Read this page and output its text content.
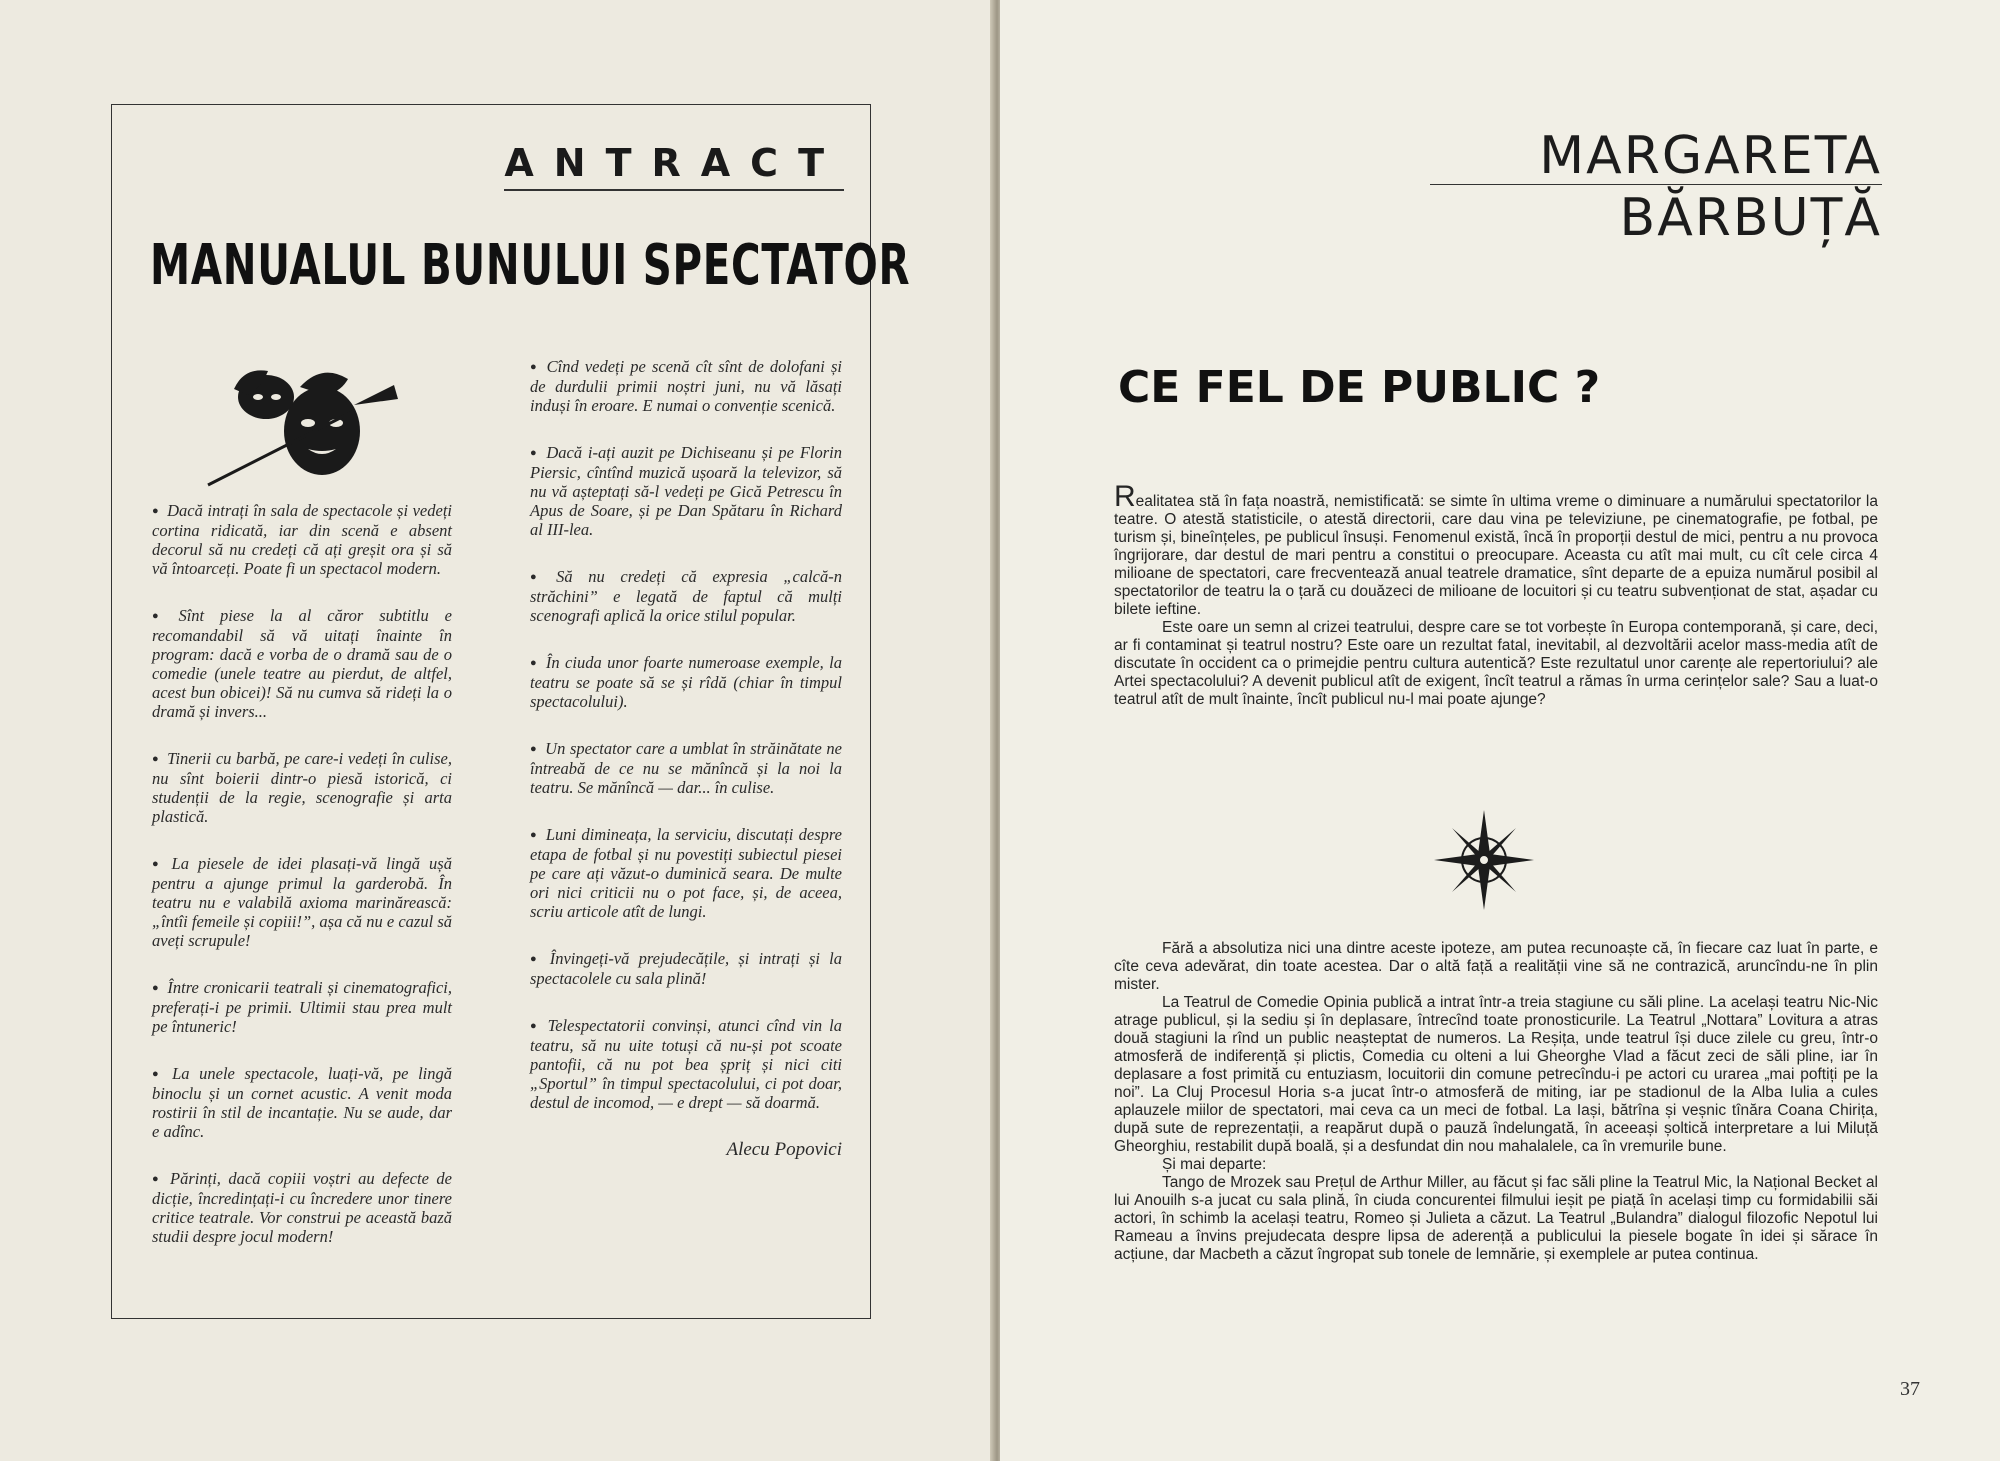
ANTRACT
MANUALUL BUNULUI SPECTATOR

● Dacă intrați în sala de spectacole și vedeți cortina ridicată, iar din scenă e absent decorul să nu credeți că ați greșit ora și să vă întoarceți. Poate fi un spectacol modern.

● Sînt piese la al căror subtitlu e recomandabil să vă uitați înainte în program: dacă e vorba de o dramă sau de o comedie (unele teatre au pierdut, de altfel, acest bun obicei)! Să nu cumva să rideți la o dramă și invers...

● Tinerii cu barbă, pe care-i vedeți în culise, nu sînt boierii dintr-o piesă istorică, ci studenții de la regie, scenografie și arta plastică.

● La piesele de idei plasați-vă lingă ușă pentru a ajunge primul la garderobă. În teatru nu e valabilă axioma marinărească: „întîi femeile și copiii!”, așa că nu e cazul să aveți scrupule!

● Între cronicarii teatrali și cinematografici, preferați-i pe primii. Ultimii stau prea mult pe întuneric!

● La unele spectacole, luați-vă, pe lingă binoclu și un cornet acustic. A venit moda rostirii în stil de incantație. Nu se aude, dar e adînc.

● Părinți, dacă copiii voștri au defecte de dicție, încredințați-i cu încredere unor tinere critice teatrale. Vor construi pe această bază studii despre jocul modern!

● Cînd vedeți pe scenă cît sînt de dolofani și de durdulii primii noștri juni, nu vă lăsați induși în eroare. E numai o convenție scenică.

● Dacă i-ați auzit pe Dichiseanu și pe Florin Piersic, cîntînd muzică ușoară la televizor, să nu vă așteptați să-l vedeți pe Gică Petrescu în Apus de Soare, și pe Dan Spătaru în Richard al III-lea.

● Să nu credeți că expresia „calcă-n străchini” e legată de faptul că mulți scenografi aplică la orice stilul popular.

● În ciuda unor foarte numeroase exemple, la teatru se poate să se și rîdă (chiar în timpul spectacolului).

● Un spectator care a umblat în străinătate ne întreabă de ce nu se mănîncă și la noi la teatru. Se mănîncă — dar... în culise.

● Luni dimineața, la serviciu, discutați despre etapa de fotbal și nu povestiți subiectul piesei pe care ați văzut-o duminică seara. De multe ori nici criticii nu o pot face, și, de aceea, scriu articole atît de lungi.

● Învingeți-vă prejudecățile, și intrați și la spectacolele cu sala plină!

● Telespectatorii convinși, atunci cînd vin la teatru, să nu uite totuși că nu-și pot scoate pantofii, că nu pot bea șpriț și nici citi „Sportul” în timpul spectacolului, ci pot doar, destul de incomod, — e drept — să doarmă.

Alecu Popovici
MARGARETA
BĂRBUȚĂ
CE FEL DE PUBLIC ?

Realitatea stă în fața noastră, nemistificată: se simte în ultima vreme o diminuare a numărului spectatorilor la teatre. O atestă statisticile, o atestă directorii, care dau vina pe televiziune, pe cinematografie, pe fotbal, pe turism și, bineînțeles, pe publicul însuși. Fenomenul există, încă în proporții destul de mici, pentru a nu provoca îngrijorare, dar destul de mari pentru a constitui o preocupare. Aceasta cu atît mai mult, cu cît cele circa 4 milioane de spectatori, care frecventează anual teatrele dramatice, sînt departe de a epuiza numărul posibil al spectatorilor de teatru la o țară cu douăzeci de milioane de locuitori și cu teatru subvenționat de stat, așadar cu bilete ieftine.

Este oare un semn al crizei teatrului, despre care se tot vorbește în Europa contemporană, și care, deci, ar fi contaminat și teatrul nostru? Este oare un rezultat fatal, inevitabil, al dezvoltării acelor mass-media atît de discutate în occident ca o primejdie pentru cultura autentică? Este rezultatul unor carențe ale repertoriului? ale Artei spectacolului? A devenit publicul atît de exigent, încît teatrul a rămas în urma cerințelor sale? Sau a luat-o teatrul atît de mult înainte, încît publicul nu-l mai poate ajunge?

Fără a absolutiza nici una dintre aceste ipoteze, am putea recunoaște că, în fiecare caz luat în parte, e cîte ceva adevărat, din toate acestea. Dar o altă față a realității vine să ne contrazică, aruncîndu-ne în plin mister.

La Teatrul de Comedie Opinia publică a intrat într-a treia stagiune cu săli pline. La același teatru Nic-Nic atrage publicul, și la sediu și în deplasare, întrecînd toate pronosticurile. La Teatrul „Nottara” Lovitura a atras două stagiuni la rînd un public neașteptat de numeros. La Reșița, unde teatrul își duce zilele cu greu, într-o atmosferă de indiferență și plictis, Comedia cu olteni a lui Gheorghe Vlad a făcut zeci de săli pline, iar în deplasare a fost primită cu entuziasm, locuitorii din comune petrecîndu-i pe actori cu urarea „mai poftiți pe la noi”. La Cluj Procesul Horia s-a jucat într-o atmosferă de miting, iar pe stadionul de la Alba Iulia a cules aplauzele miilor de spectatori, mai ceva ca un meci de fotbal. La Iași, bătrîna și veșnic tînăra Coana Chirița, după sute de reprezentații, a reapărut după o pauză îndelungată, în aceeași șoltică interpretare a lui Miluță Gheorghiu, restabilit după boală, și a desfundat din nou mahalalele, ca în vremurile bune.

Și mai departe:

Tango de Mrozek sau Prețul de Arthur Miller, au făcut și fac săli pline la Teatrul Mic, la Național Becket al lui Anouilh s-a jucat cu sala plină, în ciuda concurentei filmului ieșit pe piață în același timp cu formidabilii săi actori, în schimb la același teatru, Romeo și Julieta a căzut. La Teatrul „Bulandra” dialogul filozofic Nepotul lui Rameau a învins prejudecata despre lipsa de aderență a publicului la piesele bogate în idei și sărace în acțiune, dar Macbeth a căzut îngropat sub tonele de lemnărie, și exemplele ar putea continua.

37
